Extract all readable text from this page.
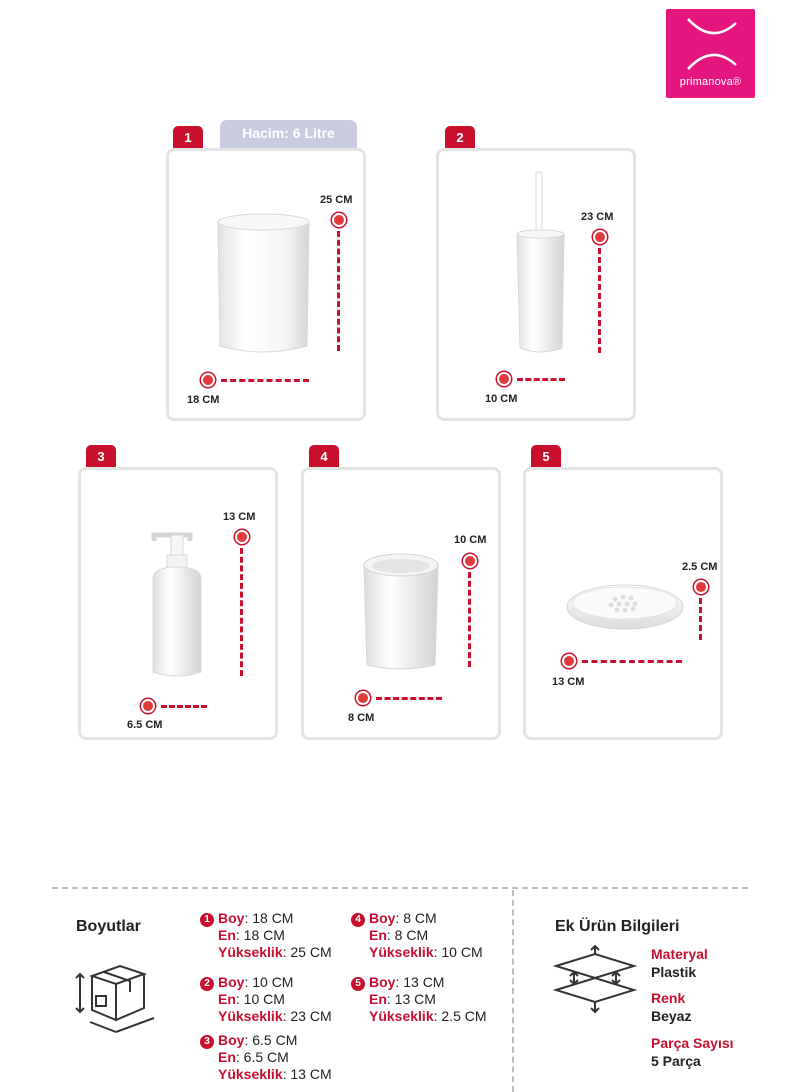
primanova®
1	Hacim: 6 Litre
25 CM
18 CM
2
23 CM
10 CM
3
13 CM
6.5 CM
4
10 CM
8 CM
5
2.5 CM
13 CM
Boyutlar	1 Boy: 18 CM
En: 18 CM
Yükseklik: 25 CM
2 Boy: 10 CM
En: 10 CM
Yükseklik: 23 CM
3 Boy: 6.5 CM
En: 6.5 CM
Yükseklik: 13 CM
4 Boy: 8 CM
En: 8 CM
Yükseklik: 10 CM
5 Boy: 13 CM
En: 13 CM
Yükseklik: 2.5 CM
Ek Ürün Bilgileri
Materyal
Plastik
Renk
Beyaz
Parça Sayısı
5 Parça
